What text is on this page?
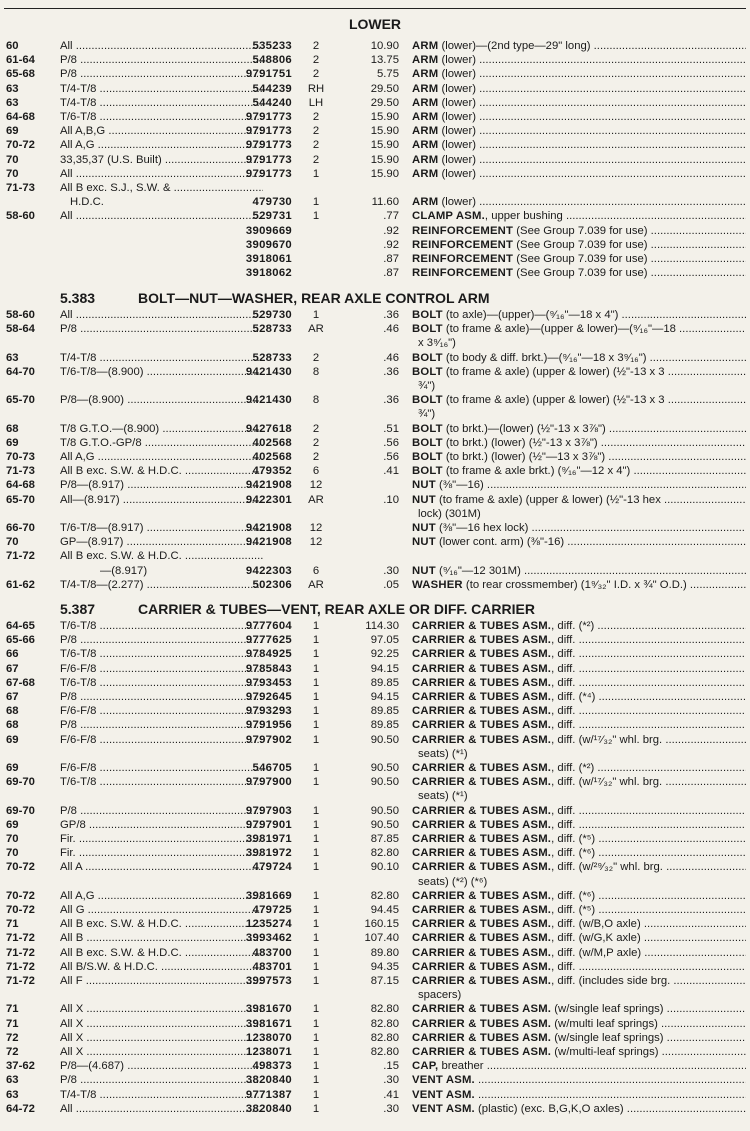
LOWER
60	All .....	535233	2	10.90 ARM (lower)—(2nd type—29" long) .....
61-64	P/8 .....	548806	2	13.75 ARM (lower) .....
65-68	P/8 .....	9791751	2	5.75 ARM (lower) .....
63	T/4-T/8 .....	544239	RH	29.50 ARM (lower) .....
63	T/4-T/8 .....	544240	LH	29.50 ARM (lower) .....
64-68	T/6-T/8 .....	9791773	2	15.90 ARM (lower) .....
69	All A,B,G .....	9791773	2	15.90 ARM (lower) .....
70-72	All A,G .....	9791773	2	15.90 ARM (lower) .....
70	33,35,37 (U.S. Built) .....	9791773	2	15.90 ARM (lower) .....
70	All .....	9791773	1	15.90 ARM (lower) .....
71-73	All B exc. S.J., S.W. & .....
H.D.C.	479730	1	11.60 ARM (lower) .....
58-60	All .....	529731	1	.77 CLAMP ASM., upper bushing .....
3909669	.92 REINFORCEMENT (See Group 7.039 for use) .....
3909670	.92 REINFORCEMENT (See Group 7.039 for use) .....
3918061	.87 REINFORCEMENT (See Group 7.039 for use) .....
3918062	.87 REINFORCEMENT (See Group 7.039 for use) .....
5.383	BOLT—NUT—WASHER, REAR AXLE CONTROL ARM
58-60	All .....	529730	1	.36 BOLT (to axle)—(upper)—(⁹⁄₁₆"—18 x 4") .....
58-64	P/8 .....	528733	AR	.46 BOLT (to frame & axle)—(upper & lower)—(⁹⁄₁₆"—18 .....
x 3⁹⁄₁₆")
63	T/4-T/8 .....	528733	2	.46 BOLT (to body & diff. brkt.)—(⁹⁄₁₆"—18 x 3⁹⁄₁₆") .....
64-70	T/6-T/8—(8.900) .....	9421430	8	.36 BOLT (to frame & axle) (upper & lower) (½"-13 x 3 .....
¾")
65-70	P/8—(8.900) .....	9421430	8	.36 BOLT (to frame & axle) (upper & lower) (½"-13 x 3 .....
¾")
68	T/8 G.T.O.—(8.900) .....	9427618	2	.51 BOLT (to brkt.)—(lower) (½"-13 x 3⅞") .....
69	T/8 G.T.O.-GP/8 .....	402568	2	.56 BOLT (to brkt.) (lower) (½"-13 x 3⅞") .....
70-73	All A,G .....	402568	2	.56 BOLT (to brkt.) (lower) (½"—13 x 3⅞") .....
71-73	All B exc. S.W. & H.D.C. .....	479352	6	.41 BOLT (to frame & axle brkt.) (⁹⁄₁₆"—12 x 4") .....
64-68	P/8—(8.917) .....	9421908	12	NUT (⅜"—16) .....
65-70	All—(8.917) .....	9422301	AR	.10 NUT (to frame & axle) (upper & lower) (½"-13 hex .....
lock) (301M)
66-70	T/6-T/8—(8.917) .....	9421908	12	NUT (⅜"—16 hex lock) .....
70	GP—(8.917) .....	9421908	12	NUT (lower cont. arm) (⅜"-16) .....
71-72	All B exc. S.W. & H.D.C. .....
—(8.917)	9422303	6	.30 NUT (⁹⁄₁₆"—12 301M) .....
61-62	T/4-T/8—(2.277) .....	502306	AR	.05 WASHER (to rear crossmember) (1⁹⁄₃₂" I.D. x ¾" O.D.) .....
5.387	CARRIER & TUBES—VENT, REAR AXLE OR DIFF. CARRIER
64-65	T/6-T/8 .....	9777604	1	114.30 CARRIER & TUBES ASM., diff. (*²) .....
65-66	P/8 .....	9777625	1	97.05 CARRIER & TUBES ASM., diff. .....
66	T/6-T/8 .....	9784925	1	92.25 CARRIER & TUBES ASM., diff. .....
67	F/6-F/8 .....	9785843	1	94.15 CARRIER & TUBES ASM., diff. .....
67-68	T/6-T/8 .....	9793453	1	89.85 CARRIER & TUBES ASM., diff. .....
67	P/8 .....	9792645	1	94.15 CARRIER & TUBES ASM., diff. (*⁴) .....
68	F/6-F/8 .....	9793293	1	89.85 CARRIER & TUBES ASM., diff. .....
68	P/8 .....	9791956	1	89.85 CARRIER & TUBES ASM., diff. .....
69	F/6-F/8 .....	9797902	1	90.50 CARRIER & TUBES ASM., diff. (w/¹⁷⁄₃₂" whl. brg. .....
seats) (*¹)
69	F/6-F/8 .....	546705	1	90.50 CARRIER & TUBES ASM., diff. (*²) .....
69-70	T/6-T/8 .....	9797900	1	90.50 CARRIER & TUBES ASM., diff. (w/¹⁷⁄₃₂" whl. brg. .....
seats) (*¹)
69-70	P/8 .....	9797903	1	90.50 CARRIER & TUBES ASM., diff. .....
69	GP/8 .....	9797901	1	90.50 CARRIER & TUBES ASM., diff. .....
70	Fir. .....	3981971	1	87.85 CARRIER & TUBES ASM., diff. (*⁵) .....
70	Fir. .....	3981972	1	82.80 CARRIER & TUBES ASM., diff. (*⁶) .....
70-72	All A .....	479724	1	90.10 CARRIER & TUBES ASM., diff. (w/²⁹⁄₃₂" whl. brg. .....
seats) (*²) (*⁶)
70-72	All A,G .....	3981669	1	82.80 CARRIER & TUBES ASM., diff. (*⁶) .....
70-72	All G .....	479725	1	94.45 CARRIER & TUBES ASM., diff. (*⁵) .....
71	All B exc. S.W. & H.D.C. .....	1235274	1	160.15 CARRIER & TUBES ASM., diff. (w/B,O axle) .....
71-72	All B .....	3993462	1	107.40 CARRIER & TUBES ASM., diff. (w/G,K axle) .....
71-72	All B exc. S.W. & H.D.C. .....	483700	1	89.80 CARRIER & TUBES ASM., diff. (w/M,P axle) .....
71-72	All B/S.W. & H.D.C. .....	483701	1	94.35 CARRIER & TUBES ASM., diff. .....
71-72	All F .....	3997573	1	87.15 CARRIER & TUBES ASM., diff. (includes side brg. .....
spacers)
71	All X .....	3981670	1	82.80 CARRIER & TUBES ASM. (w/single leaf springs) .....
71	All X .....	3981671	1	82.80 CARRIER & TUBES ASM. (w/multi leaf springs) .....
72	All X .....	1238070	1	82.80 CARRIER & TUBES ASM. (w/single leaf springs) .....
72	All X .....	1238071	1	82.80 CARRIER & TUBES ASM. (w/multi-leaf springs) .....
37-62	P/8—(4.687) .....	498373	1	.15 CAP, breather .....
63	P/8 .....	3820840	1	.30 VENT ASM. .....
63	T/4-T/8 .....	9771387	1	.41 VENT ASM. .....
64-72	All .....	3820840	1	.30 VENT ASM. (plastic) (exc. B,G,K,O axles) .....
